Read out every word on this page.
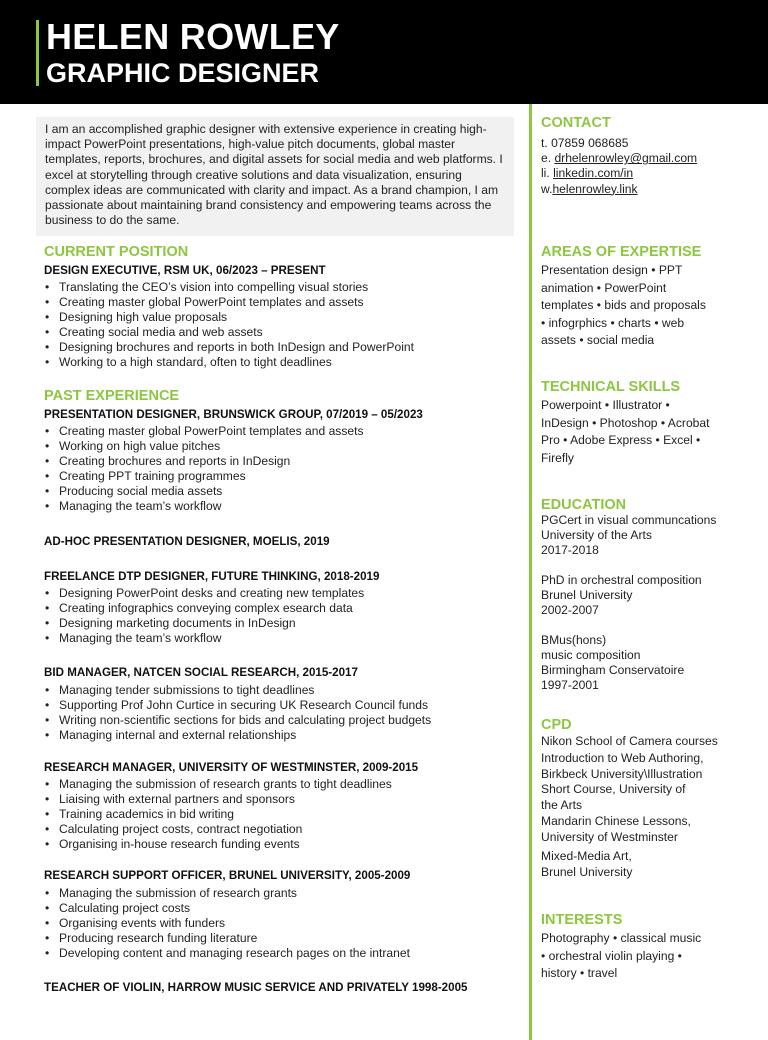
HELEN ROWLEY
GRAPHIC DESIGNER

I am an accomplished graphic designer with extensive experience in creating high-impact PowerPoint presentations, high-value pitch documents, global master templates, reports, brochures, and digital assets for social media and web platforms. I excel at storytelling through creative solutions and data visualization, ensuring complex ideas are communicated with clarity and impact. As a brand champion, I am passionate about maintaining brand consistency and empowering teams across the business to do the same.

CURRENT POSITION
DESIGN EXECUTIVE, RSM UK, 06/2023 – PRESENT
• Translating the CEO’s vision into compelling visual stories
• Creating master global PowerPoint templates and assets
• Designing high value proposals
• Creating social media and web assets
• Designing brochures and reports in both InDesign and PowerPoint
• Working to a high standard, often to tight deadlines
PAST EXPERIENCE
PRESENTATION DESIGNER, BRUNSWICK GROUP, 07/2019 – 05/2023
• Creating master global PowerPoint templates and assets
• Working on high value pitches
• Creating brochures and reports in InDesign
• Creating PPT training programmes
• Producing social media assets
• Managing the team’s workflow
AD-HOC PRESENTATION DESIGNER, MOELIS, 2019
FREELANCE DTP DESIGNER, FUTURE THINKING, 2018-2019
• Designing PowerPoint desks and creating new templates
• Creating infographics conveying complex esearch data
• Designing marketing documents in InDesign
• Managing the team’s workflow
BID MANAGER, NATCEN SOCIAL RESEARCH, 2015-2017
• Managing tender submissions to tight deadlines
• Supporting Prof John Curtice in securing UK Research Council funds
• Writing non-scientific sections for bids and calculating project budgets
• Managing internal and external relationships
RESEARCH MANAGER, UNIVERSITY OF WESTMINSTER, 2009-2015
• Managing the submission of research grants to tight deadlines
• Liaising with external partners and sponsors
• Training academics in bid writing
• Calculating project costs, contract negotiation
• Organising in-house research funding events
RESEARCH SUPPORT OFFICER, BRUNEL UNIVERSITY, 2005-2009
• Managing the submission of research grants
• Calculating project costs
• Organising events with funders
• Producing research funding literature
• Developing content and managing research pages on the intranet
TEACHER OF VIOLIN, HARROW MUSIC SERVICE AND PRIVATELY 1998-2005
CONTACT
t. 07859 068685
e. drhelenrowley@gmail.com
li. linkedin.com/in
w.helenrowley.link
AREAS OF EXPERTISE
Presentation design • PPT
animation • PowerPoint
templates • bids and proposals
• infogrphics • charts • web
assets • social media
TECHNICAL SKILLS
Powerpoint • Illustrator •
InDesign • Photoshop • Acrobat
Pro • Adobe Express • Excel •
Firefly
EDUCATION
PGCert in visual communcations
University of the Arts
2017-2018
PhD in orchestral composition
Brunel University
2002-2007
BMus(hons)
music composition
Birmingham Conservatoire
1997-2001
CPD
Nikon School of Camera courses
Introduction to Web Authoring,
Birkbeck University\Illustration
Short Course, University of
the Arts
Mandarin Chinese Lessons,
University of Westminster
Mixed-Media Art,
Brunel University
INTERESTS
Photography • classical music
• orchestral violin playing •
history • travel
